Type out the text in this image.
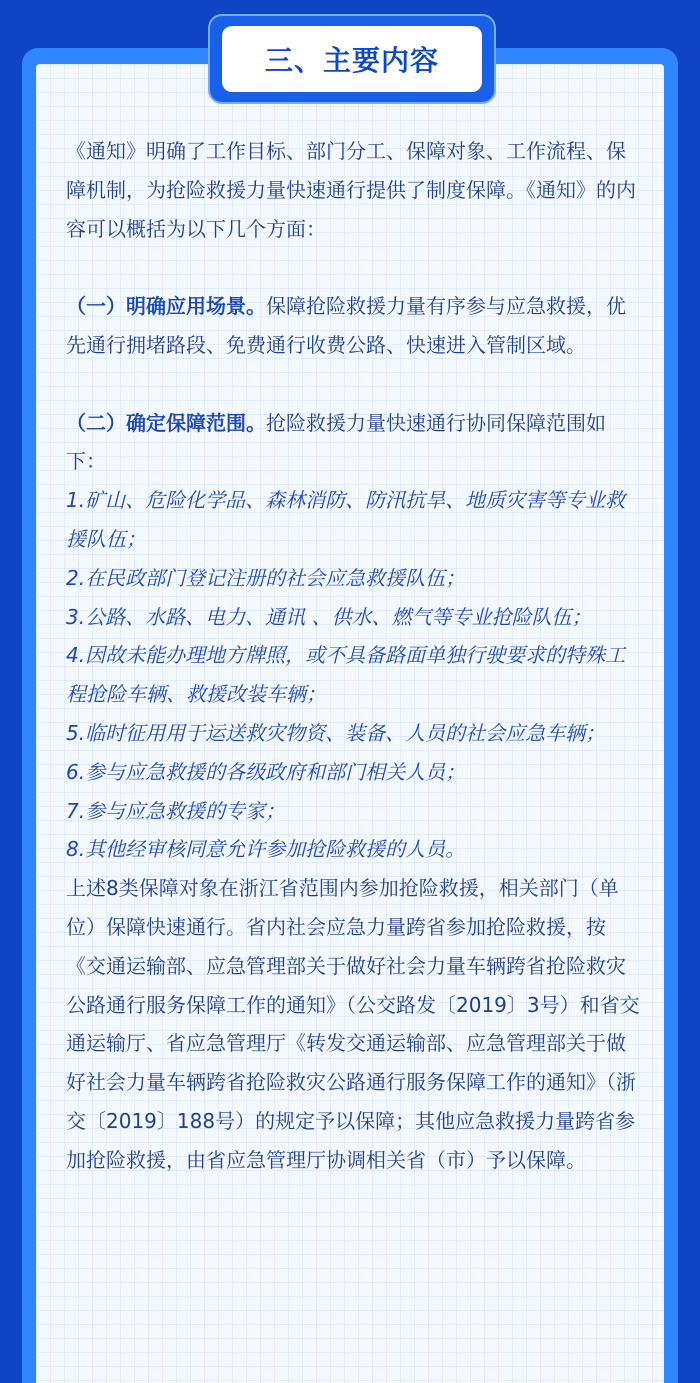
三、主要内容

《通知》明确了工作目标、部门分工、保障对象、工作流程、保障机制，为抢险救援力量快速通行提供了制度保障。《通知》的内容可以概括为以下几个方面：

（一）明确应用场景。保障抢险救援力量有序参与应急救援，优先通行拥堵路段、免费通行收费公路、快速进入管制区域。

（二）确定保障范围。抢险救援力量快速通行协同保障范围如下：

1.矿山、危险化学品、森林消防、防汛抗旱、地质灾害等专业救援队伍；

2.在民政部门登记注册的社会应急救援队伍；

3.公路、水路、电力、通讯 、供水、燃气等专业抢险队伍；

4.因故未能办理地方牌照，或不具备路面单独行驶要求的特殊工程抢险车辆、救援改装车辆；

5.临时征用用于运送救灾物资、装备、人员的社会应急车辆；

6.参与应急救援的各级政府和部门相关人员；

7.参与应急救援的专家；

8.其他经审核同意允许参加抢险救援的人员。

上述8类保障对象在浙江省范围内参加抢险救援，相关部门（单位）保障快速通行。省内社会应急力量跨省参加抢险救援，按《交通运输部、应急管理部关于做好社会力量车辆跨省抢险救灾公路通行服务保障工作的通知》（公交路发〔2019〕3号）和省交通运输厅、省应急管理厅《转发交通运输部、应急管理部关于做好社会力量车辆跨省抢险救灾公路通行服务保障工作的通知》（浙交〔2019〕188号）的规定予以保障；其他应急救援力量跨省参加抢险救援，由省应急管理厅协调相关省（市）予以保障。
